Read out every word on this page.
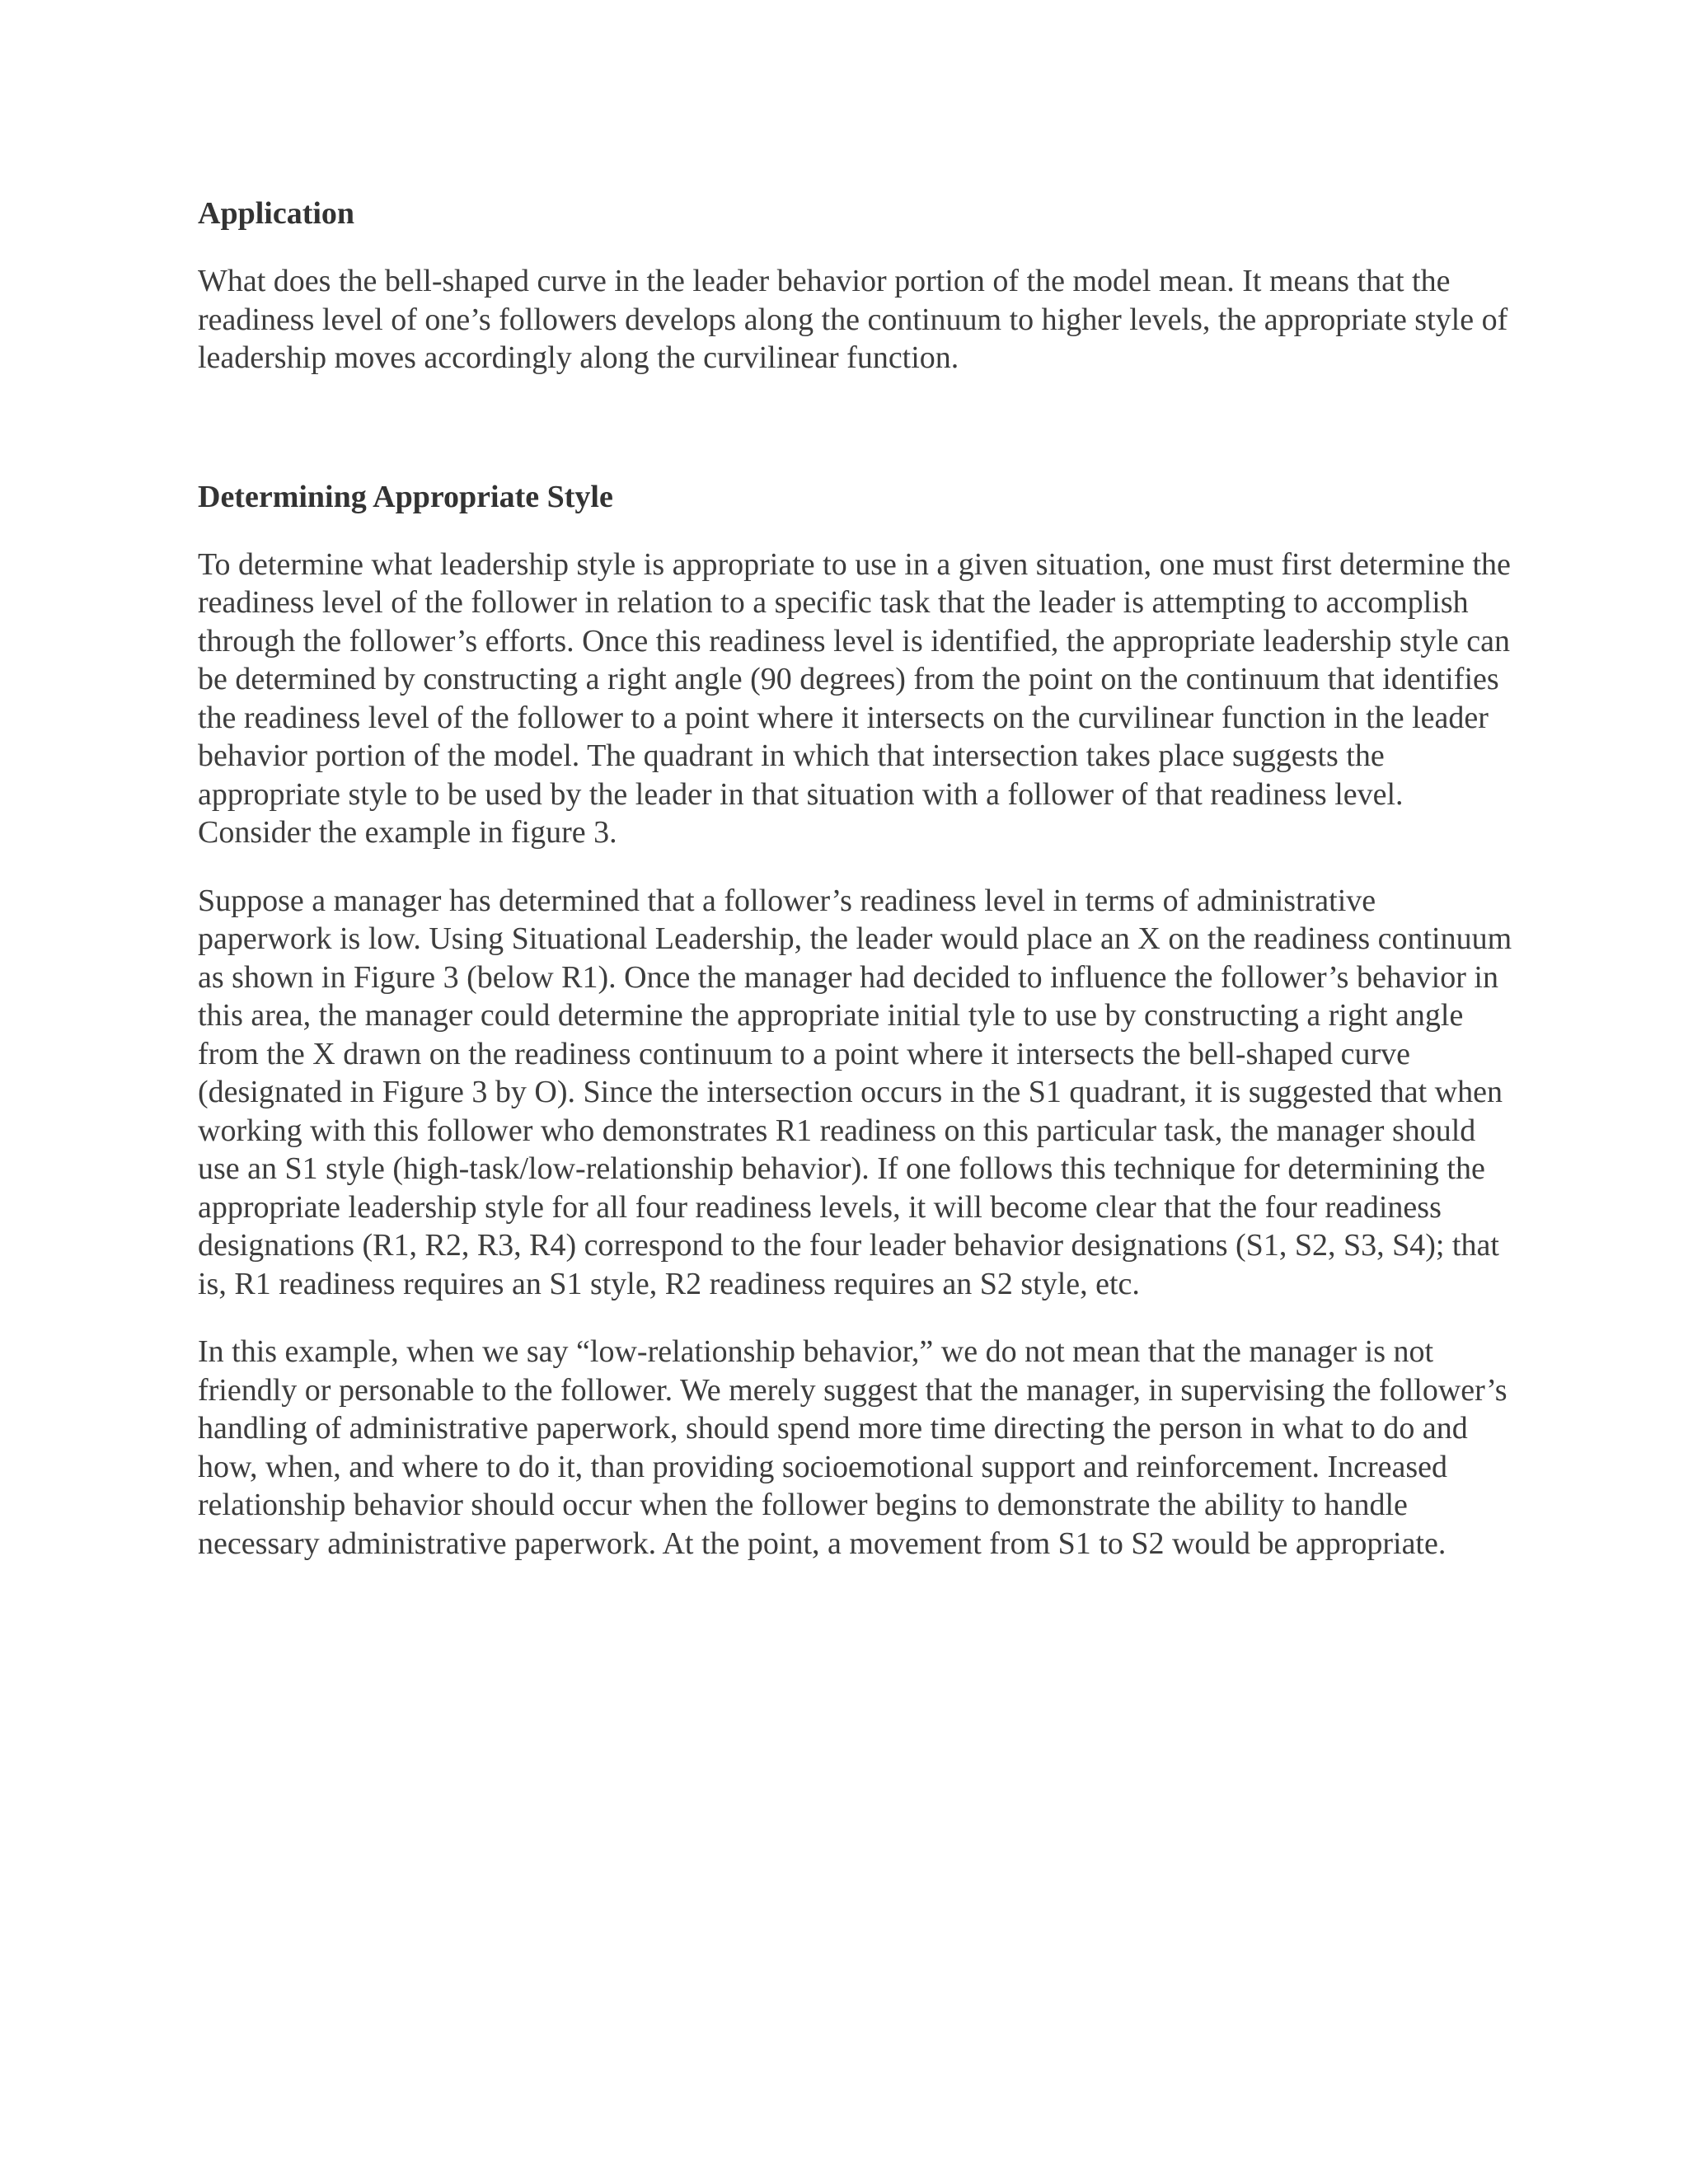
Application

What does the bell-shaped curve in the leader behavior portion of the model mean. It means that the readiness level of one’s followers develops along the continuum to higher levels, the appropriate style of leadership moves accordingly along the curvilinear function.

Determining Appropriate Style

To determine what leadership style is appropriate to use in a given situation, one must first determine the readiness level of the follower in relation to a specific task that the leader is attempting to accomplish through the follower’s efforts. Once this readiness level is identified, the appropriate leadership style can be determined by constructing a right angle (90 degrees) from the point on the continuum that identifies the readiness level of the follower to a point where it intersects on the curvilinear function in the leader behavior portion of the model. The quadrant in which that intersection takes place suggests the appropriate style to be used by the leader in that situation with a follower of that readiness level. Consider the example in figure 3.

Suppose a manager has determined that a follower’s readiness level in terms of administrative paperwork is low. Using Situational Leadership, the leader would place an X on the readiness continuum as shown in Figure 3 (below R1). Once the manager had decided to influence the follower’s behavior in this area, the manager could determine the appropriate initial tyle to use by constructing a right angle from the X drawn on the readiness continuum to a point where it intersects the bell-shaped curve (designated in Figure 3 by O). Since the intersection occurs in the S1 quadrant, it is suggested that when working with this follower who demonstrates R1 readiness on this particular task, the manager should use an S1 style (high-task/low-relationship behavior). If one follows this technique for determining the appropriate leadership style for all four readiness levels, it will become clear that the four readiness designations (R1, R2, R3, R4) correspond to the four leader behavior designations (S1, S2, S3, S4); that is, R1 readiness requires an S1 style, R2 readiness requires an S2 style, etc.

In this example, when we say “low-relationship behavior,” we do not mean that the manager is not friendly or personable to the follower. We merely suggest that the manager, in supervising the follower’s handling of administrative paperwork, should spend more time directing the person in what to do and how, when, and where to do it, than providing socioemotional support and reinforcement. Increased relationship behavior should occur when the follower begins to demonstrate the ability to handle necessary administrative paperwork. At the point, a movement from S1 to S2 would be appropriate.
